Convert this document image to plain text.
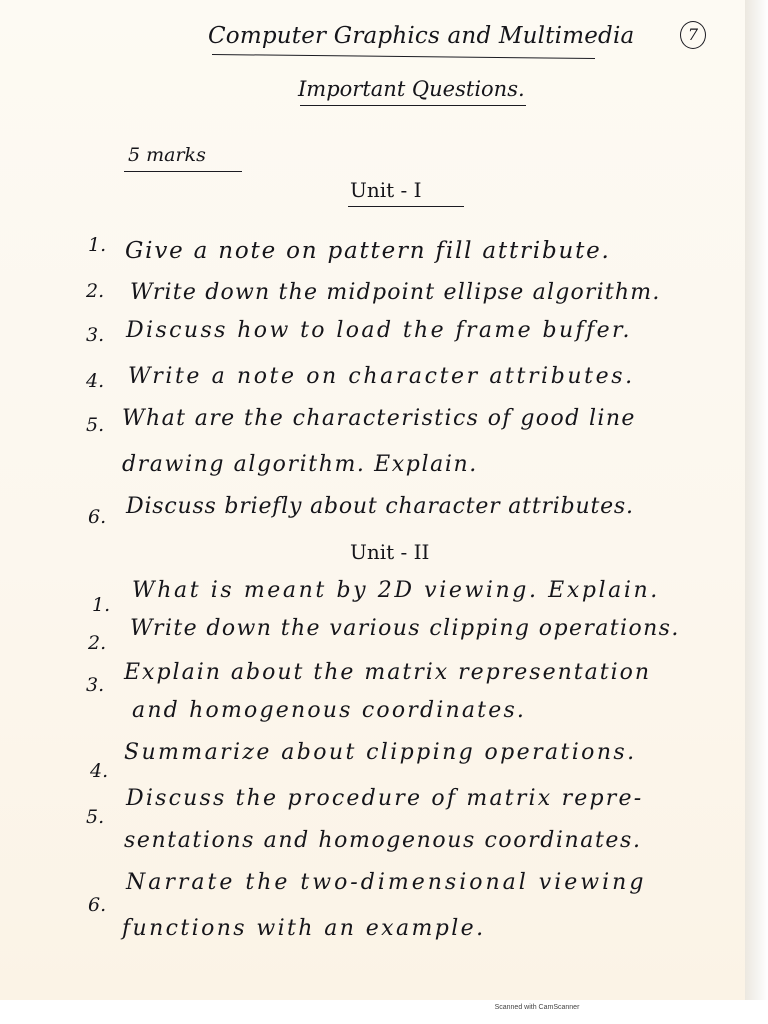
Computer Graphics and Multimedia	7
Important Questions.
5 marks
Unit - I
1. Give a note on pattern fill attribute.
2. Write down the midpoint ellipse algorithm.
3. Discuss how to load the frame buffer.
4. Write a note on character attributes.
5. What are the characteristics of good line
drawing algorithm. Explain.
6. Discuss briefly about character attributes.
Unit - II
1.
What is meant by 2D viewing. Explain.
2.
Write down the various clipping operations.
3. Explain about the matrix representation
and homogenous coordinates.
4.
Summarize about clipping operations.
5.
Discuss the procedure of matrix repre-
sentations and homogenous coordinates.
6.
Narrate the two-dimensional viewing
functions with an example.
Scanned with CamScanner
